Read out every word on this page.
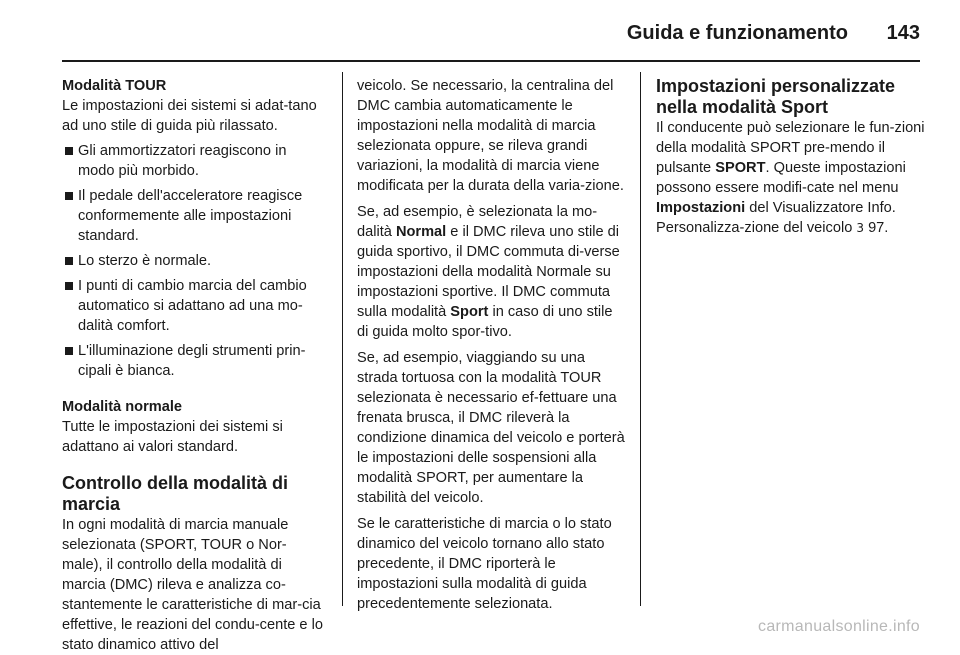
Guida e funzionamento 143

Modalità TOUR

Le impostazioni dei sistemi si adat-tano ad uno stile di guida più rilassato.

Gli ammortizzatori reagiscono in modo più morbido.
Il pedale dell'acceleratore reagisce conformemente alle impostazioni standard.
Lo sterzo è normale.
I punti di cambio marcia del cambio automatico si adattano ad una mo-dalità comfort.
L'illuminazione degli strumenti prin-cipali è bianca.

Modalità normale

Tutte le impostazioni dei sistemi si adattano ai valori standard.

Controllo della modalità di marcia

In ogni modalità di marcia manuale selezionata (SPORT, TOUR o Nor-male), il controllo della modalità di marcia (DMC) rileva e analizza co-stantemente le caratteristiche di mar-cia effettive, le reazioni del condu-cente e lo stato dinamico attivo del

veicolo. Se necessario, la centralina del DMC cambia automaticamente le impostazioni nella modalità di marcia selezionata oppure, se rileva grandi variazioni, la modalità di marcia viene modificata per la durata della varia-zione.

Se, ad esempio, è selezionata la mo-dalità Normal e il DMC rileva uno stile di guida sportivo, il DMC commuta di-verse impostazioni della modalità Normale su impostazioni sportive. Il DMC commuta sulla modalità Sport in caso di uno stile di guida molto spor-tivo.

Se, ad esempio, viaggiando su una strada tortuosa con la modalità TOUR selezionata è necessario ef-fettuare una frenata brusca, il DMC rileverà la condizione dinamica del veicolo e porterà le impostazioni delle sospensioni alla modalità SPORT, per aumentare la stabilità del veicolo.

Se le caratteristiche di marcia o lo stato dinamico del veicolo tornano allo stato precedente, il DMC riporterà le impostazioni sulla modalità di guida precedentemente selezionata.

Impostazioni personalizzate nella modalità Sport

Il conducente può selezionare le fun-zioni della modalità SPORT pre-mendo il pulsante SPORT. Queste impostazioni possono essere modifi-cate nel menu Impostazioni del Visualizzatore Info. Personalizza-zione del veicolo 3 97.

carmanualsonline.info
